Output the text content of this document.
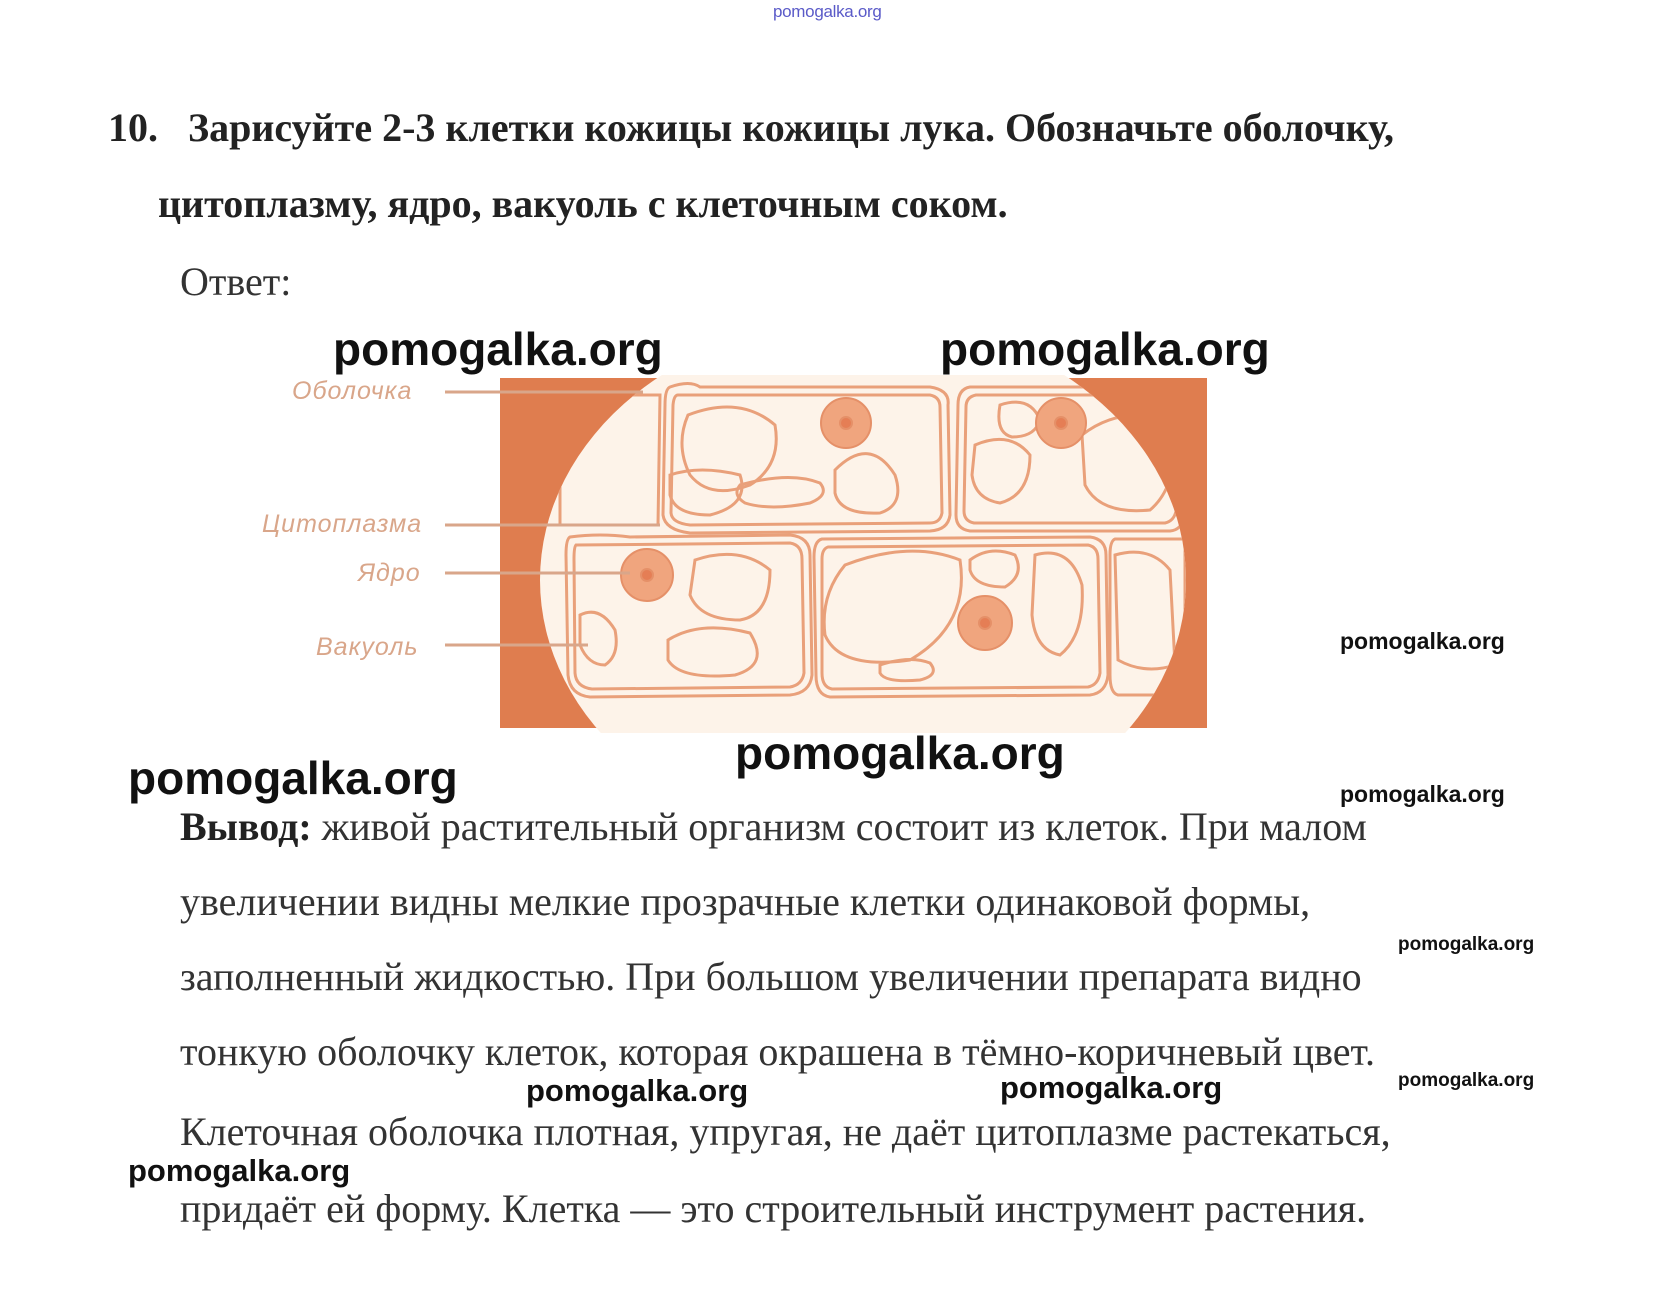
pomogalka.org
10. Зарисуйте 2-3 клетки кожицы кожицы лука. Обозначьте оболочку,
цитоплазму, ядро, вакуоль с клеточным соком.
Ответ:
Оболочка
Цитоплазма
Ядро
Вакуоль
Вывод: живой растительный организм состоит из клеток. При малом
увеличении видны мелкие прозрачные клетки одинаковой формы,
заполненный жидкостью. При большом увеличении препарата видно
тонкую оболочку клеток, которая окрашена в тёмно-коричневый цвет.
Клеточная оболочка плотная, упругая, не даёт цитоплазме растекаться,
придаёт ей форму. Клетка — это строительный инструмент растения.
pomogalka.org	pomogalka.org
pomogalka.org
pomogalka.org
pomogalka.org	pomogalka.org
pomogalka.org
pomogalka.org	pomogalka.org	pomogalka.org
pomogalka.org
